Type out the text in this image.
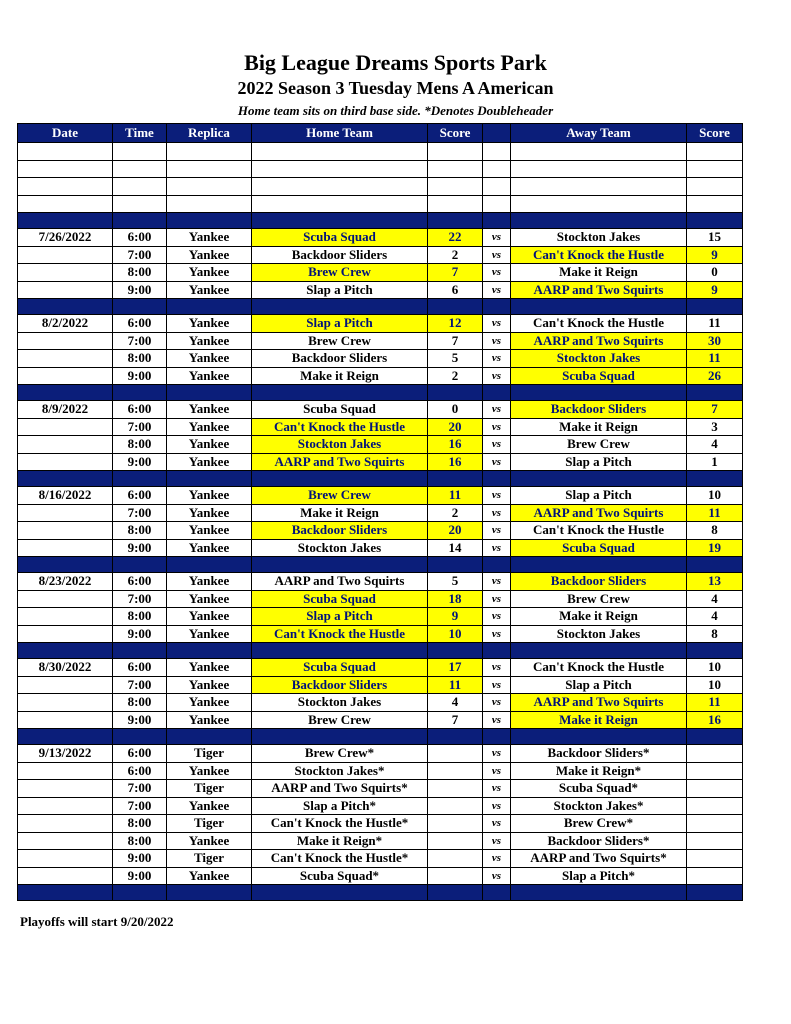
Big League Dreams Sports Park
2022 Season 3 Tuesday Mens A American
Home team sits on third base side. *Denotes Doubleheader
Date	Time	Replica	Home Team	Score		Away Team	Score

7/26/2022	6:00	Yankee	Scuba Squad	22	vs	Stockton Jakes	15
	7:00	Yankee	Backdoor Sliders	2	vs	Can't Knock the Hustle	9
	8:00	Yankee	Brew Crew	7	vs	Make it Reign	0
	9:00	Yankee	Slap a Pitch	6	vs	AARP and Two Squirts	9

8/2/2022	6:00	Yankee	Slap a Pitch	12	vs	Can't Knock the Hustle	11
	7:00	Yankee	Brew Crew	7	vs	AARP and Two Squirts	30
	8:00	Yankee	Backdoor Sliders	5	vs	Stockton Jakes	11
	9:00	Yankee	Make it Reign	2	vs	Scuba Squad	26

8/9/2022	6:00	Yankee	Scuba Squad	0	vs	Backdoor Sliders	7
	7:00	Yankee	Can't Knock the Hustle	20	vs	Make it Reign	3
	8:00	Yankee	Stockton Jakes	16	vs	Brew Crew	4
	9:00	Yankee	AARP and Two Squirts	16	vs	Slap a Pitch	1

8/16/2022	6:00	Yankee	Brew Crew	11	vs	Slap a Pitch	10
	7:00	Yankee	Make it Reign	2	vs	AARP and Two Squirts	11
	8:00	Yankee	Backdoor Sliders	20	vs	Can't Knock the Hustle	8
	9:00	Yankee	Stockton Jakes	14	vs	Scuba Squad	19

8/23/2022	6:00	Yankee	AARP and Two Squirts	5	vs	Backdoor Sliders	13
	7:00	Yankee	Scuba Squad	18	vs	Brew Crew	4
	8:00	Yankee	Slap a Pitch	9	vs	Make it Reign	4
	9:00	Yankee	Can't Knock the Hustle	10	vs	Stockton Jakes	8

8/30/2022	6:00	Yankee	Scuba Squad	17	vs	Can't Knock the Hustle	10
	7:00	Yankee	Backdoor Sliders	11	vs	Slap a Pitch	10
	8:00	Yankee	Stockton Jakes	4	vs	AARP and Two Squirts	11
	9:00	Yankee	Brew Crew	7	vs	Make it Reign	16

9/13/2022	6:00	Tiger	Brew Crew*		vs	Backdoor Sliders*	
	6:00	Yankee	Stockton Jakes*		vs	Make it Reign*	
	7:00	Tiger	AARP and Two Squirts*		vs	Scuba Squad*	
	7:00	Yankee	Slap a Pitch*		vs	Stockton Jakes*	
	8:00	Tiger	Can't Knock the Hustle*		vs	Brew Crew*	
	8:00	Yankee	Make it Reign*		vs	Backdoor Sliders*	
	9:00	Tiger	Can't Knock the Hustle*		vs	AARP and Two Squirts*	
	9:00	Yankee	Scuba Squad*		vs	Slap a Pitch*	

Playoffs will start 9/20/2022
